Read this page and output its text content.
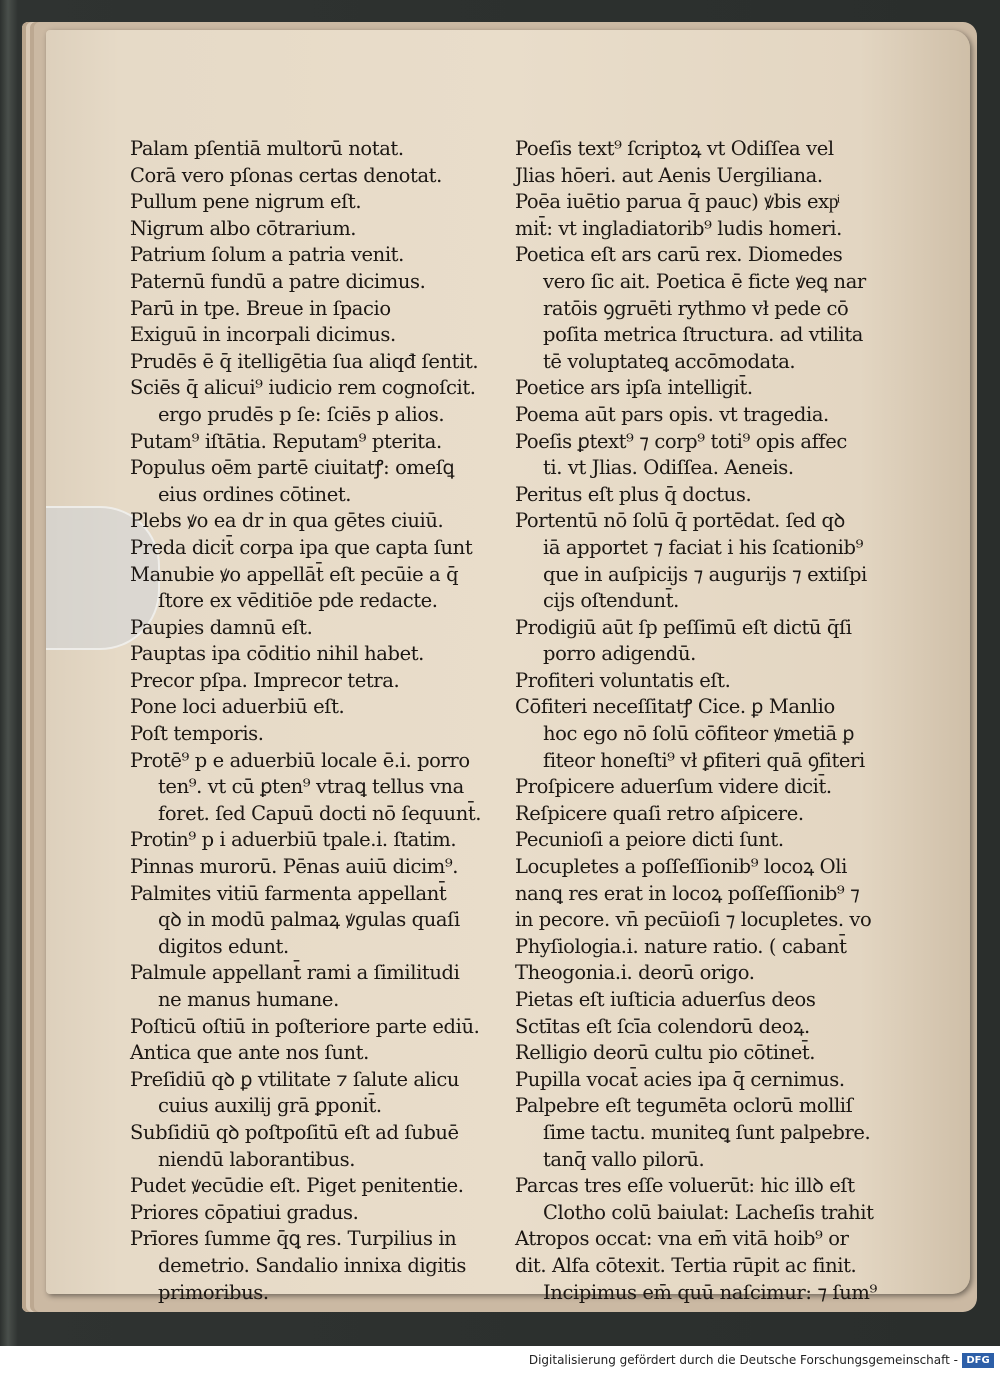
Palam pſentiā multorū notat.
Corā vero pſonas certas denotat.
Pullum pene nigrum eſt.
Nigrum albo cōtrarium.
Patrium ſolum a patria venit.
Paternū fundū a patre dicimus.
Parū in tpe. Breue in ſpacio
Exiguū in incorpali dicimus.
Prudēs ē q̄ itelligētia ſua aliqđ ſentit.
Sciēs q̄ alicui⁹ iudicio rem cognoſcit.
ergo prudēs p ſe: ſciēs p alios.
Putam⁹ iſtātia. Reputam⁹ pterita.
Populus oēm partē ciuitatꝭ: omeſꝗ
eius ordines cōtinet.
Plebs ꝟo ea dr in qua gētes ciuiū.
Preda dicit̄ corpa ipa que capta ſunt
Manubie ꝟo appellāt̄ eſt pecūie a q̄
ſtore ex vēditiōe pde redacte.
Paupies damnū eſt.
Pauptas ipa cōditio nihil habet.
Precor pſpa. Imprecor tetra.
Pone loci aduerbiū eſt.
Poſt temporis.
Protē⁹ p e aduerbiū locale ē.i. porro
ten⁹. vt cū ꝑten⁹ vtraꝗ tellus vna
foret. ſed Capuū docti nō ſequunt̄.
Protin⁹ p i aduerbiū tpale.i. ſtatim.
Pinnas murorū. Pēnas auiū dicim⁹.
Palmites vitiū farmenta appellant̄
qꝺ in modū palmaꝝ ꝟgulas quaſi
digitos edunt.
Palmule appellant̄ rami a ſimilitudi
ne manus humane.
Poſticū oſtiū in poſteriore parte ediū.
Antica que ante nos ſunt.
Preſidiū qꝺ ꝑ vtilitate ⁊ ſalute alicu
cuius auxilij grā ꝑponit̄.
Subſidiū qꝺ poſtpoſitū eſt ad ſubuē
niendū laborantibus.
Pudet ꝟecūdie eſt. Piget penitentie.
Priores cōpatiui gradus.
Prīores ſumme q̄ꝗ res. Turpilius in
demetrio. Sandalio innixa digitis
primoribus.
Poeſis text⁹ ſcriptoꝝ vt Odiſſea vel
Jlias hōeri. aut Aenis Uergiliana.
Poēa iuētio parua q̄ pauc) ꝟbis expͥ
mit̄: vt ingladiatorib⁹ ludis homeri.
Poetica eſt ars carū rex. Diomedes
vero ſic ait. Poetica ē ficte ꝟeꝗ nar
ratōis ꝯgruēti rythmo vł pede cō
poſita metrica ſtructura. ad vtilita
tē voluptateꝗ accōmodata.
Poetice ars ipſa intelligit̄.
Poema aūt pars opis. vt tragedia.
Poeſis ꝑtext⁹ ⁊ corp⁹ toti⁹ opis affec
ti. vt Jlias. Odiſſea. Aeneis.
Peritus eſt plus q̄ doctus.
Portentū nō ſolū q̄ portēdat. ſed qꝺ
iā apportet ⁊ faciat i his ſcationib⁹
que in auſpicijs ⁊ augurijs ⁊ extiſpi
cijs oſtendunt̄.
Prodigiū aūt ſp peſſimū eſt dictū q̄ſi
porro adigendū.
Profiteri voluntatis eſt.
Cōfiteri neceſſitatꝭ Cice. ꝑ Manlio
hoc ego nō ſolū cōfiteor ꝟmetiā ꝑ
fiteor honeſti⁹ vł ꝑfiteri quā ꝯfiteri
Proſpicere aduerſum videre dicit̄.
Reſpicere quaſi retro aſpicere.
Pecunioſi a peiore dicti ſunt.
Locupletes a poſſeſſionib⁹ locoꝝ Oli
nanꝗ res erat in locoꝝ poſſeſſionib⁹ ⁊
in pecore. vn̄ pecūioſi ⁊ locupletes. vo
Phyſiologia.i. nature ratio. ( cabant̄
Theogonia.i. deorū origo.
Pietas eſt iuſticia aduerſus deos
Sctītas eſt ſcīa colendorū deoꝝ.
Relligio deorū cultu pio cōtinet̄.
Pupilla vocat̄ acies ipa q̄ cernimus.
Palpebre eſt tegumēta oclorū molliſ
ſime tactu. muniteꝗ ſunt palpebre.
tanq̄ vallo pilorū.
Parcas tres eſſe voluerūt: hic illꝺ eſt
Clotho colū baiulat: Lacheſis trahit
Atropos occat: vna em̄ vitā hoib⁹ or
dit. Alfa cōtexit. Tertia rūpit ac finit.
Incipimus em̄ quū naſcimur: ⁊ ſum⁹
Digitalisierung gefördert durch die Deutsche Forschungsgemeinschaft - DFG
